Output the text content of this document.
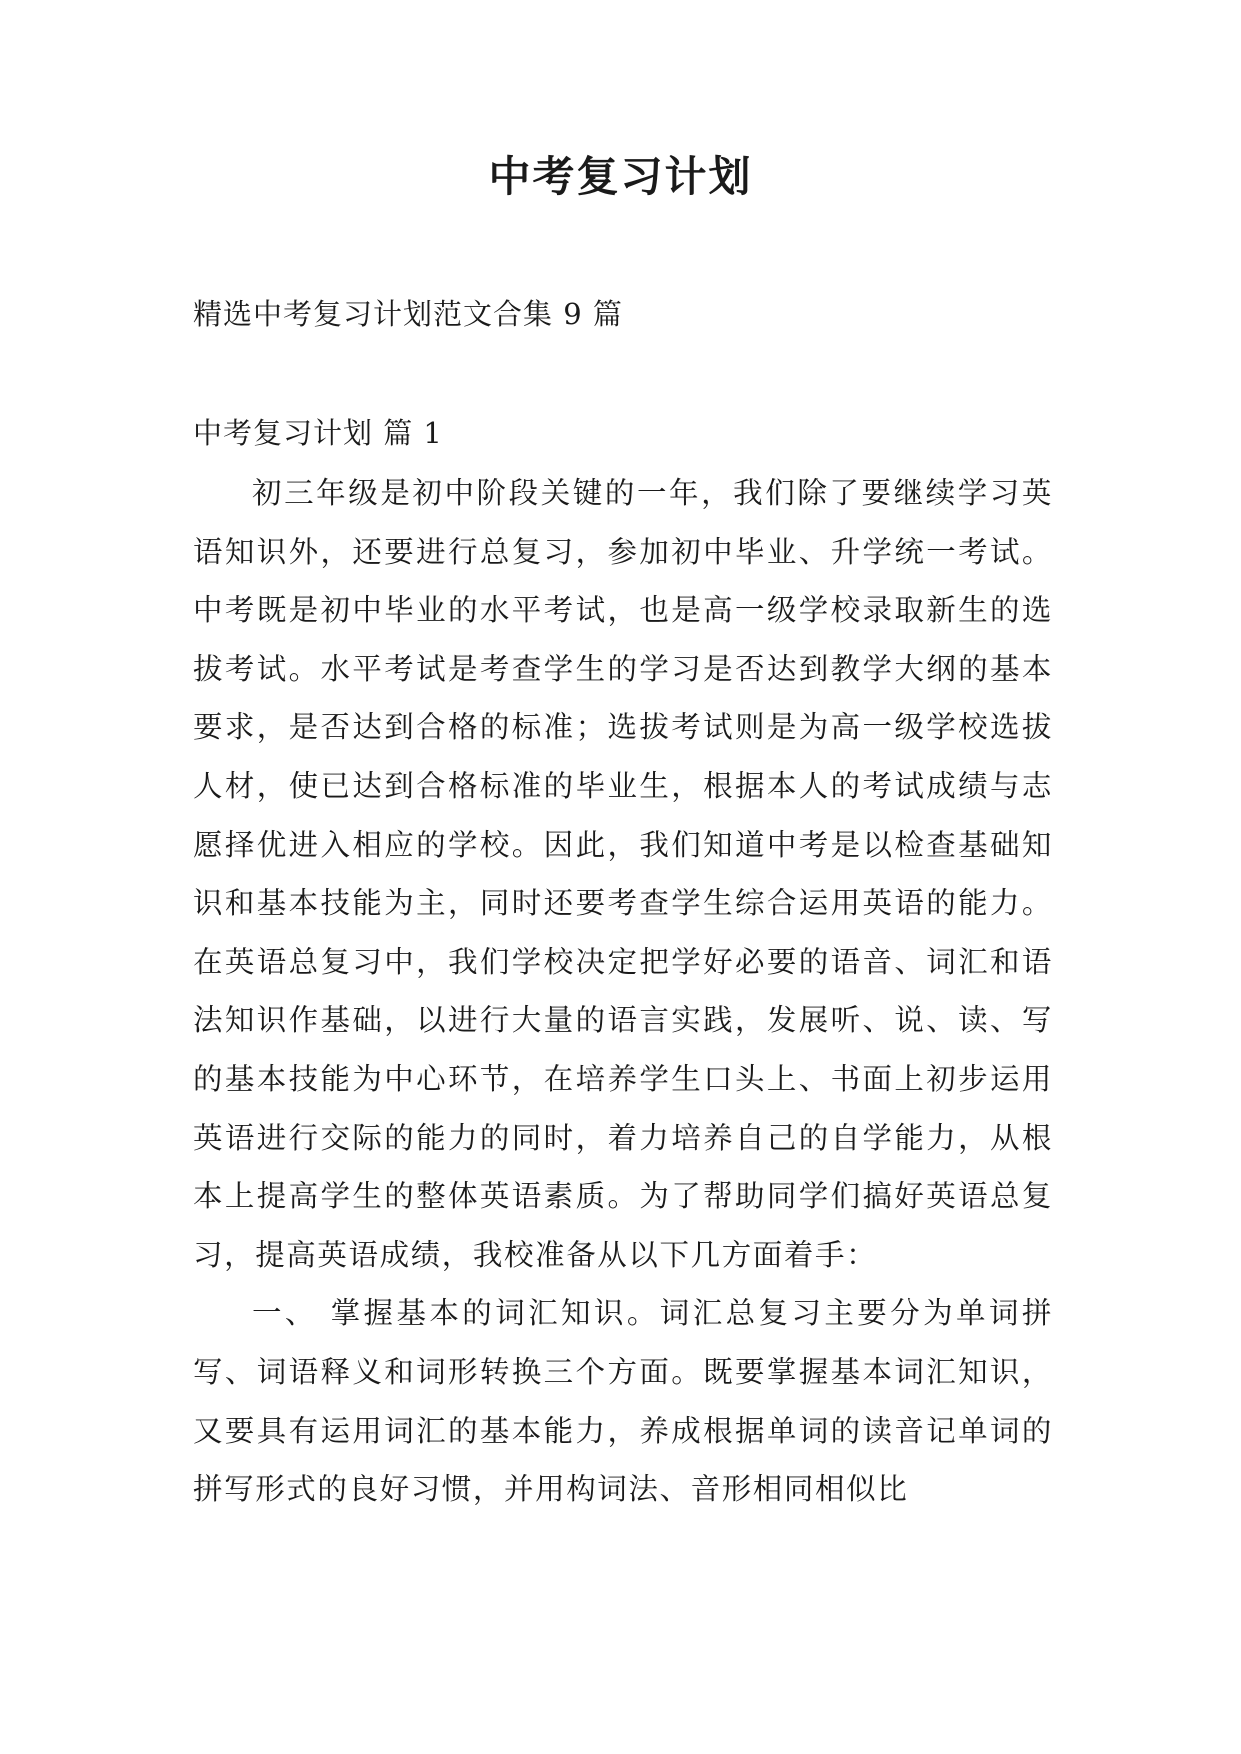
中考复习计划

精选中考复习计划范文合集 9 篇

中考复习计划 篇 1

初三年级是初中阶段关键的一年，我们除了要继续学习英语知识外，还要进行总复习，参加初中毕业、升学统一考试。中考既是初中毕业的水平考试，也是高一级学校录取新生的选拔考试。水平考试是考查学生的学习是否达到教学大纲的基本要求，是否达到合格的标准；选拔考试则是为高一级学校选拔人材，使已达到合格标准的毕业生，根据本人的考试成绩与志愿择优进入相应的学校。因此，我们知道中考是以检查基础知识和基本技能为主，同时还要考查学生综合运用英语的能力。在英语总复习中，我们学校决定把学好必要的语音、词汇和语法知识作基础，以进行大量的语言实践，发展听、说、读、写的基本技能为中心环节，在培养学生口头上、书面上初步运用英语进行交际的能力的同时，着力培养自己的自学能力，从根本上提高学生的整体英语素质。为了帮助同学们搞好英语总复习，提高英语成绩，我校准备从以下几方面着手：

一、 掌握基本的词汇知识。词汇总复习主要分为单词拼写、词语释义和词形转换三个方面。既要掌握基本词汇知识，又要具有运用词汇的基本能力，养成根据单词的读音记单词的拼写形式的良好习惯，并用构词法、音形相同相似比
